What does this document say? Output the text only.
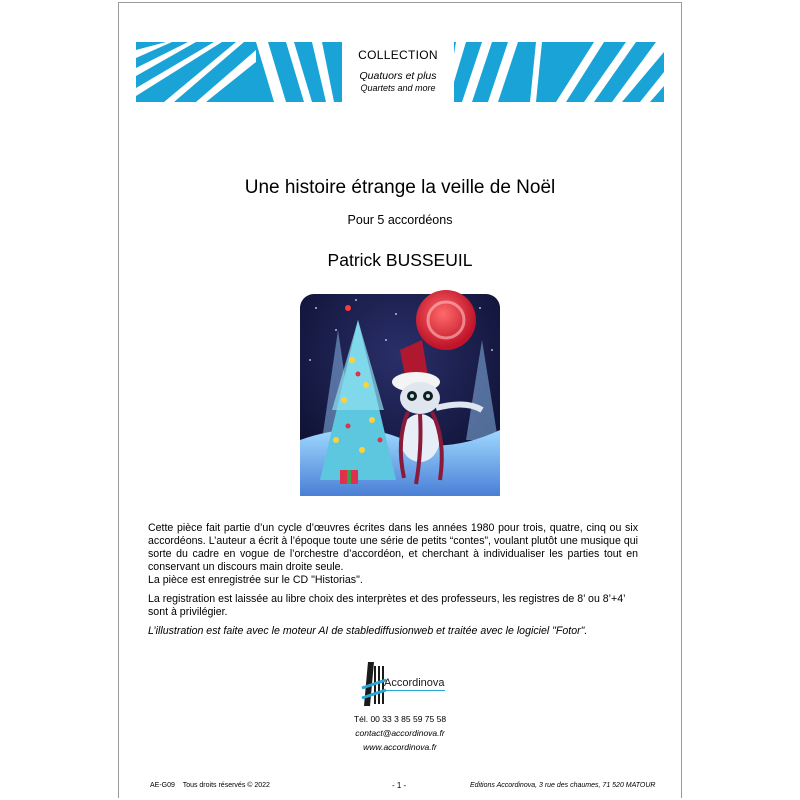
COLLECTION
Quatuors et plus
Quartets and more
Une histoire étrange la veille de Noël
Pour 5 accordéons
Patrick BUSSEUIL

Cette pièce fait partie d’un cycle d’œuvres écrites dans les années 1980 pour trois, quatre, cinq ou six accordéons. L’auteur a écrit à l’époque toute une série de petits “contes”, voulant plutôt une musique qui sorte du cadre en vogue de l’orchestre d’accordéon, et cherchant à individualiser les parties tout en conservant un discours main droite seule.
La pièce est enregistrée sur le CD "Historias".

La registration est laissée au libre choix des interprètes et des professeurs, les registres de 8’ ou 8’+4’ sont à privilégier.

L’illustration est faite avec le moteur AI de stablediffusionweb et traitée avec le logiciel "Fotor".

Accordinova
Tél. 00 33 3 85 59 75 58
contact@accordinova.fr
www.accordinova.fr
AE-G09 Tous droits réservés © 2022	- 1 -	Editions Accordinova, 3 rue des chaumes, 71 520 MATOUR
